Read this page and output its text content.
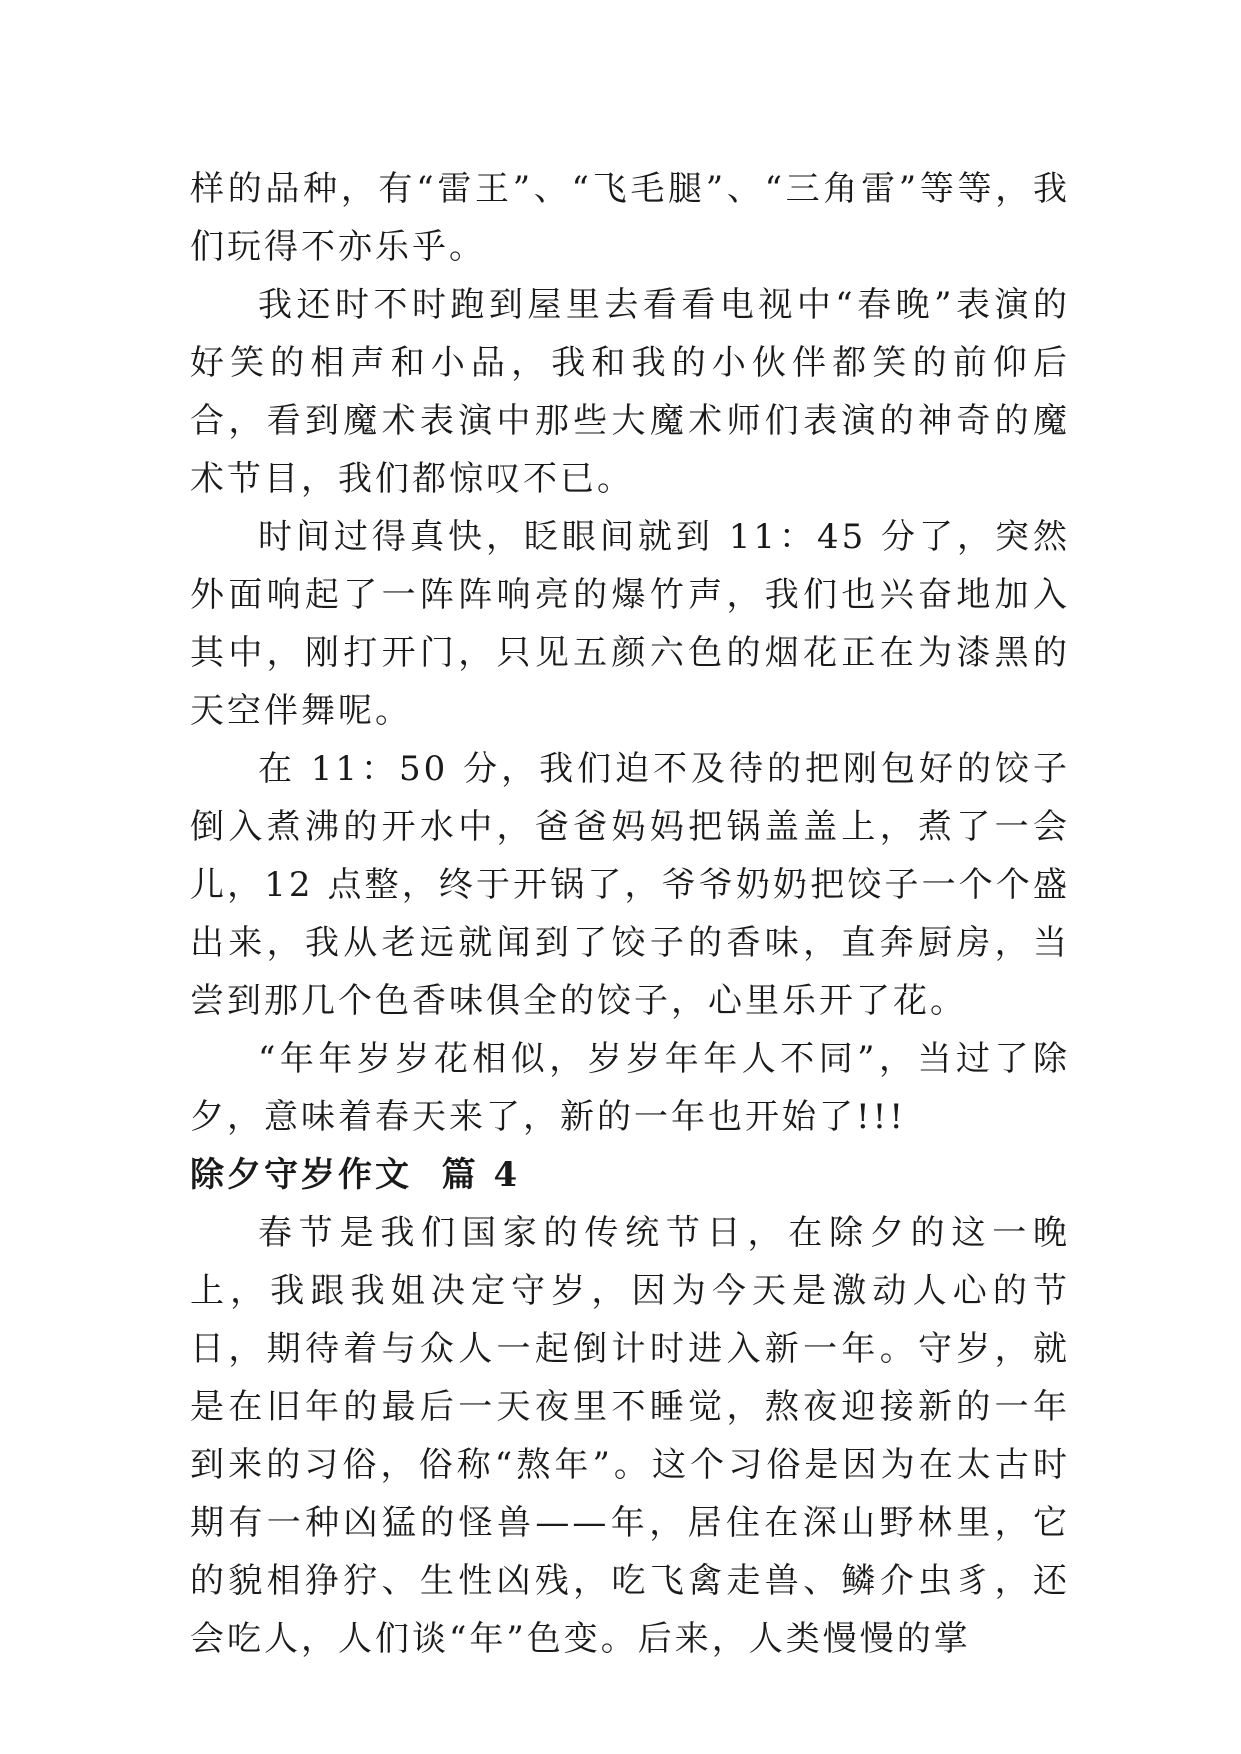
样的品种，有“雷王”、“飞毛腿”、“三角雷”等等，我们玩得不亦乐乎。

我还时不时跑到屋里去看看电视中“春晚”表演的好笑的相声和小品，我和我的小伙伴都笑的前仰后合，看到魔术表演中那些大魔术师们表演的神奇的魔术节目，我们都惊叹不已。

时间过得真快，眨眼间就到 11：45 分了，突然外面响起了一阵阵响亮的爆竹声，我们也兴奋地加入其中，刚打开门，只见五颜六色的烟花正在为漆黑的天空伴舞呢。

在 11：50 分，我们迫不及待的把刚包好的饺子倒入煮沸的开水中，爸爸妈妈把锅盖盖上，煮了一会儿，12 点整，终于开锅了，爷爷奶奶把饺子一个个盛出来，我从老远就闻到了饺子的香味，直奔厨房，当尝到那几个色香味俱全的饺子，心里乐开了花。

“年年岁岁花相似，岁岁年年人不同”，当过了除夕，意味着春天来了，新的一年也开始了!!!

除夕守岁作文  篇 4

春节是我们国家的传统节日，在除夕的这一晚上，我跟我姐决定守岁，因为今天是激动人心的节日，期待着与众人一起倒计时进入新一年。守岁，就是在旧年的最后一天夜里不睡觉，熬夜迎接新的一年到来的习俗，俗称“熬年”。这个习俗是因为在太古时期有一种凶猛的怪兽——年，居住在深山野林里，它的貌相狰狞、生性凶残，吃飞禽走兽、鳞介虫豸，还会吃人，人们谈“年”色变。后来，人类慢慢的掌
